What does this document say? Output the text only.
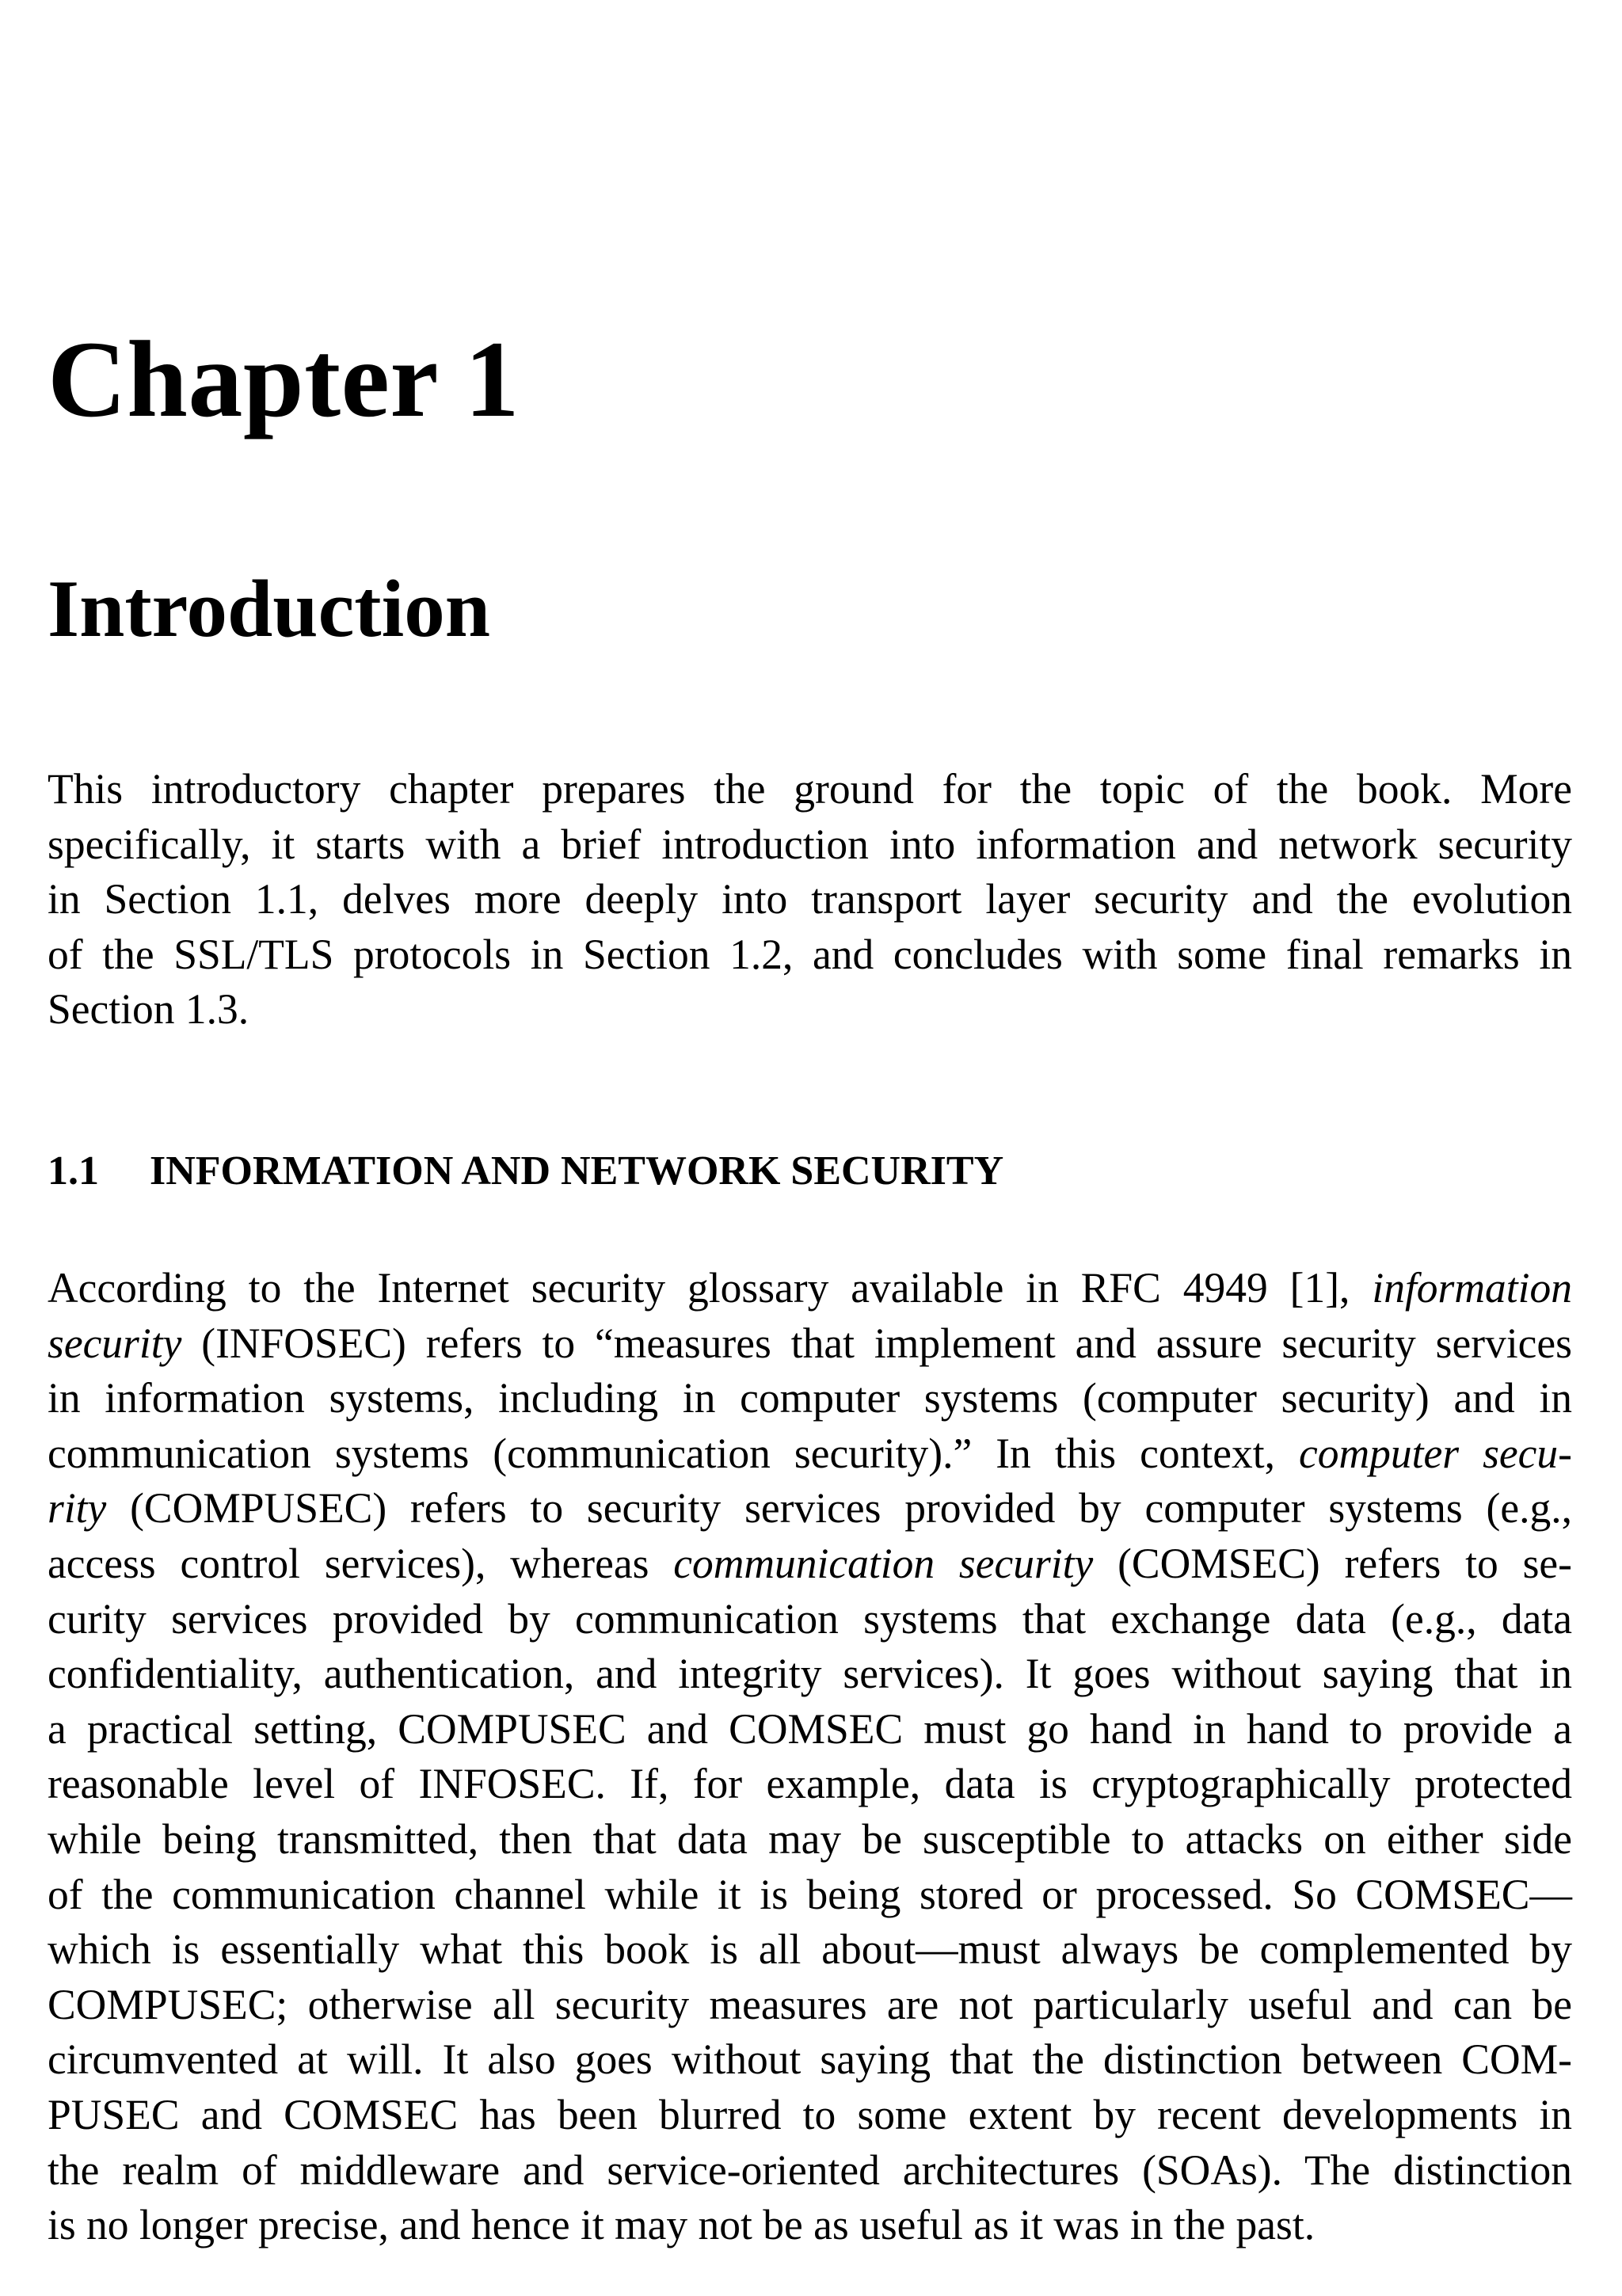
Chapter 1
Introduction

This introductory chapter prepares the ground for the topic of the book. More
specifically, it starts with a brief introduction into information and network security
in Section 1.1, delves more deeply into transport layer security and the evolution
of the SSL/TLS protocols in Section 1.2, and concludes with some final remarks in
Section 1.3.

1.1 INFORMATION AND NETWORK SECURITY

According to the Internet security glossary available in RFC 4949 [1], information
security (INFOSEC) refers to “measures that implement and assure security services
in information systems, including in computer systems (computer security) and in
communication systems (communication security).” In this context, computer secu-
rity (COMPUSEC) refers to security services provided by computer systems (e.g.,
access control services), whereas communication security (COMSEC) refers to se-
curity services provided by communication systems that exchange data (e.g., data
confidentiality, authentication, and integrity services). It goes without saying that in
a practical setting, COMPUSEC and COMSEC must go hand in hand to provide a
reasonable level of INFOSEC. If, for example, data is cryptographically protected
while being transmitted, then that data may be susceptible to attacks on either side
of the communication channel while it is being stored or processed. So COMSEC—
which is essentially what this book is all about—must always be complemented by
COMPUSEC; otherwise all security measures are not particularly useful and can be
circumvented at will. It also goes without saying that the distinction between COM-
PUSEC and COMSEC has been blurred to some extent by recent developments in
the realm of middleware and service-oriented architectures (SOAs). The distinction
is no longer precise, and hence it may not be as useful as it was in the past.
